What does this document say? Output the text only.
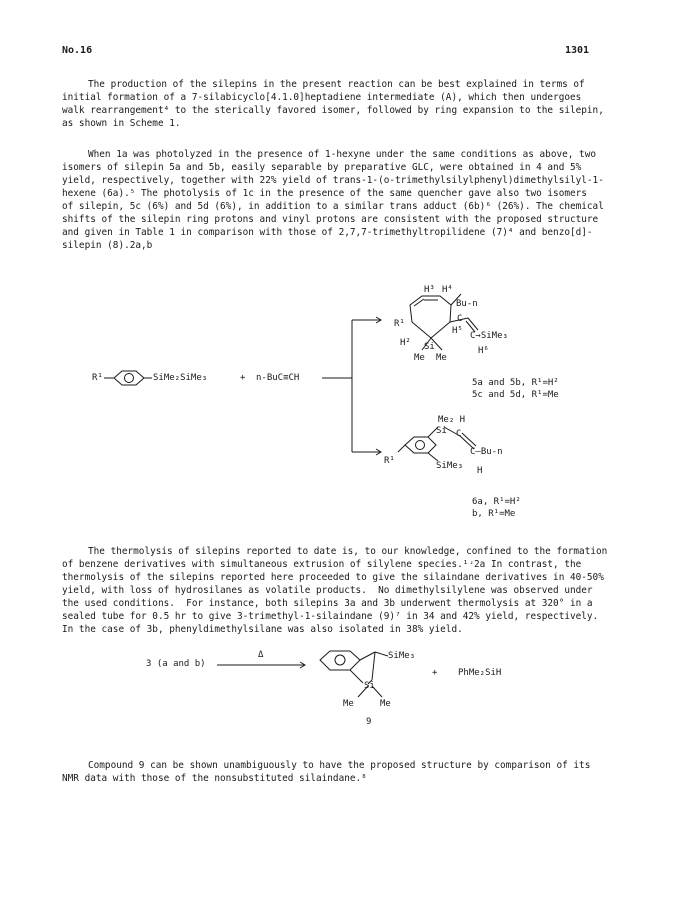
No.16	1301
The production of the silepins in the present reaction can be best explained in terms of
initial formation of a 7-silabicyclo[4.1.0]heptadiene intermediate (A), which then undergoes
walk rearrangement⁴ to the sterically favored isomer, followed by ring expansion to the silepin,
as shown in Scheme 1.
When 1a was photolyzed in the presence of 1-hexyne under the same conditions as above, two
isomers of silepin 5a and 5b, easily separable by preparative GLC, were obtained in 4 and 5%
yield, respectively, together with 22% yield of trans-1-(o-trimethylsilylphenyl)dimethylsilyl-1-
hexene (6a).⁵ The photolysis of 1c in the presence of the same quencher gave also two isomers
of silepin, 5c (6%) and 5d (6%), in addition to a similar trans adduct (6b)⁶ (26%). The chemical
shifts of the silepin ring protons and vinyl protons are consistent with the proposed structure
and given in Table 1 in comparison with those of 2,7,7-trimethyltropilidene (7)⁴ and benzo[d]-
silepin (8).2a,b
R¹	SiMe₂SiMe₃	+ n-BuC≡CH
H³ H⁴
Bu-n
R¹
H² Si
H⁵
C
C→SiMe₃
H⁶
Me Me
5a and 5b, R¹=H²
5c and 5d, R¹=Me
Me₂ H
Si C
C—Bu-n
R¹	SiMe₃ H
6a, R¹=H²
b, R¹=Me
The thermolysis of silepins reported to date is, to our knowledge, confined to the formation
of benzene derivatives with simultaneous extrusion of silylene species.¹ʴ2a In contrast, the
thermolysis of the silepins reported here proceeded to give the silaindane derivatives in 40-50%
yield, with loss of hydrosilanes as volatile products.  No dimethylsilylene was observed under
the used conditions.  For instance, both silepins 3a and 3b underwent thermolysis at 320° in a
sealed tube for 0.5 hr to give 3-trimethyl-1-silaindane (9)⁷ in 34 and 42% yield, respectively.
In the case of 3b, phenyldimethylsilane was also isolated in 38% yield.
3 (a and b)
Δ	SiMe₃
Si
Me	Me
+ PhMe₂SiH
9
Compound 9 can be shown unambiguously to have the proposed structure by comparison of its
NMR data with those of the nonsubstituted silaindane.⁸
